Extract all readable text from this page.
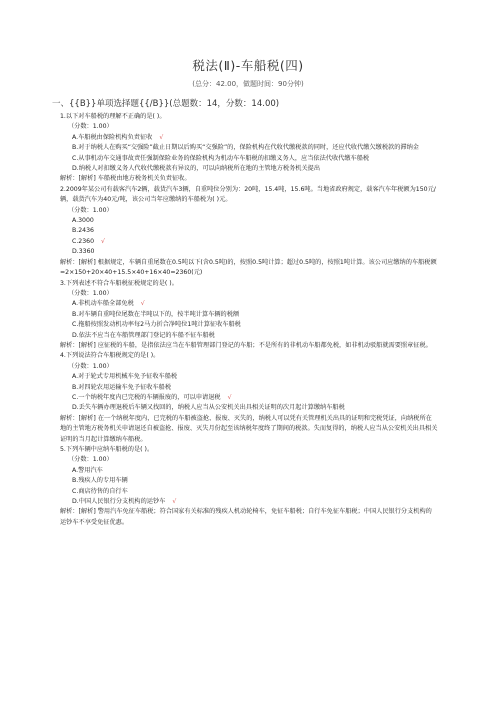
税法(Ⅱ)-车船税(四)
(总分：42.00，做题时间：90分钟)
一、{{B}}单项选择题{{/B}}(总题数：14，分数：14.00)
1.以下对车船税的理解不正确的是( )。
（分数：1.00）
A.车船税由保险机构负责征收 √
B.对于纳税人在购买“交强险”截止日期以后购买“交强险”的，保险机构在代收代缴税款的同时，还应代收代缴欠缴税款的滞纳金
C.从事机动车交通事故责任强制保险业务的保险机构为机动车车船税的扣缴义务人，应当依法代收代缴车船税
D.纳税人对扣缴义务人代收代缴税款有异议的，可以向纳税所在地的主管地方税务机关提出
解析：[解析] 车船税由地方税务机关负责征收。
2.2009年某公司有载客汽车2辆，载货汽车3辆，自重吨位分别为：20吨，15.4吨，15.6吨。当地省政府规定，载客汽车年税额为150元/辆，载货汽车为40元/吨，该公司当年应缴纳的车船税为( )元。
（分数：1.00）
A.3000
B.2436
C.2360 √
D.3360
解析：[解析] 根据规定，车辆自重尾数在0.5吨以下(含0.5吨)的，按照0.5吨计算；超过0.5吨的，按照1吨计算。该公司应缴纳的车船税额=2×150+20×40+15.5×40+16×40=2360(元)
3.下列表述不符合车船税征税规定的是( )。
（分数：1.00）
A.非机动车船全部免税 √
B.对车辆自重吨位尾数在半吨以下的，按半吨计算车辆的税额
C.拖船按照发动机功率每2马力折合净吨位1吨计算征收车船税
D.依法不应当在车船管理部门登记的车船不征车船税
解析：[解析] 应征税的车船，是指依法应当在车船管理部门登记的车船；不是所有的非机动车船都免税，如非机动驳船就需要照章征税。
4.下列说法符合车船税规定的是( )。
（分数：1.00）
A.对于轮式专用机械车免予征收车船税
B.对四轮农用运输车免予征收车船税
C.一个纳税年度内已完税的车辆报废的，可以申请退税 √
D.丢失车辆办理退税后车辆又找回的，纳税人应当从公安机关出具相关证明的次月起计算缴纳车船税
解析：[解析] 在一个纳税年度内，已完税的车船被盗抢、报废、灭失的，纳税人可以凭有关管理机关出具的证明和完税凭证，向纳税所在地的主管地方税务机关申请退还自被盗抢、报废、灭失月份起至该纳税年度终了期间的税款。失而复得的，纳税人应当从公安机关出具相关证明的当月起计算缴纳车船税。
5.下列车辆中应纳车船税的是( )。
（分数：1.00）
A.警用汽车
B.残疾人的专用车辆
C.商店待售的自行车
D.中国人民银行分支机构的运钞车 √
解析：[解析] 警用汽车免征车船税；符合国家有关标准的残疾人机动轮椅车，免征车船税；自行车免征车船税；中国人民银行分支机构的运钞车不享受免征优惠。
